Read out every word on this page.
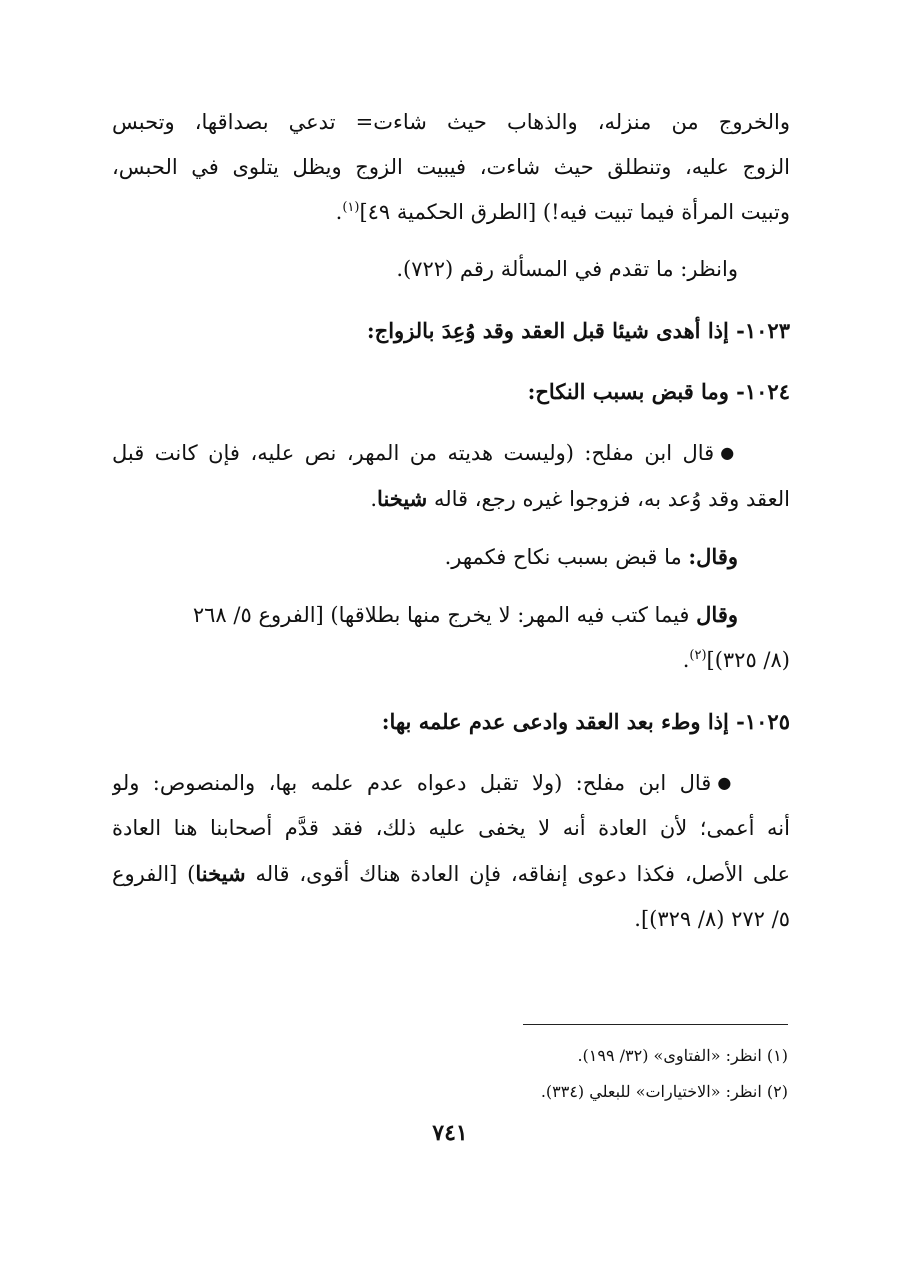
والخروج من منزله، والذهاب حيث شاءت= تدعي بصداقها، وتحبس

الزوج عليه، وتنطلق حيث شاءت، فيبيت الزوج ويظل يتلوى في الحبس،

وتبيت المرأة فيما تبيت فيه!) [الطرق الحكمية ٤٩]$^{(١)}$.

وانظر: ما تقدم في المسألة رقم (٧٢٢).

١٠٢٣- إذا أهدى شيئا قبل العقد وقد وُعِدَ بالزواج:

١٠٢٤- وما قبض بسبب النكاح:

●قال ابن مفلح: (وليست هديته من المهر، نص عليه، فإن كانت قبل

العقد وقد وُعد به، فزوجوا غيره رجع، قاله شيخنا.

وقال: ما قبض بسبب نكاح فكمهر.

وقال فيما كتب فيه المهر: لا يخرج منها بطلاقها) [الفروع ٥/ ٢٦٨

(٨/ ٣٢٥)]$^{(٢)}$.

١٠٢٥- إذا وطء بعد العقد وادعى عدم علمه بها:

●قال ابن مفلح: (ولا تقبل دعواه عدم علمه بها، والمنصوص: ولو

أنه أعمى؛ لأن العادة أنه لا يخفى عليه ذلك، فقد قدَّم أصحابنا هنا العادة

على الأصل، فكذا دعوى إنفاقه، فإن العادة هناك أقوى، قاله شيخنا) [الفروع

٥/ ٢٧٢ (٨/ ٣٢٩)].

(١) انظر: «الفتاوى» (٣٢/ ١٩٩).

(٢) انظر: «الاختيارات» للبعلي (٣٣٤).

٧٤١
